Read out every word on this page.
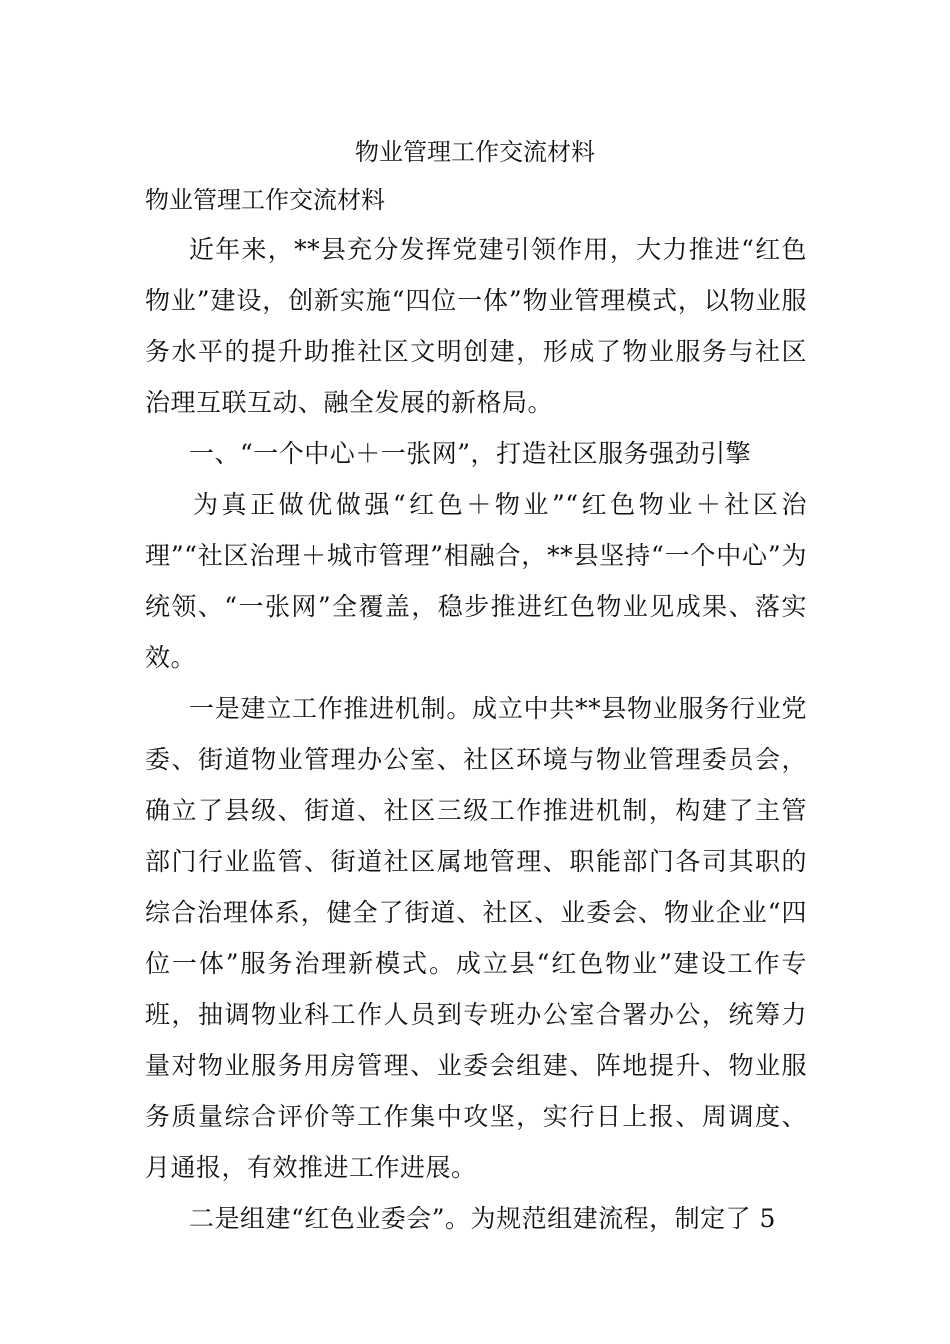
物业管理工作交流材料
物业管理工作交流材料

近年来，**县充分发挥党建引领作用，大力推进“红色物业”建设，创新实施“四位一体”物业管理模式，以物业服务水平的提升助推社区文明创建，形成了物业服务与社区治理互联互动、融全发展的新格局。

一、“一个中心＋一张网”，打造社区服务强劲引擎

为真正做优做强“红色＋物业”“红色物业＋社区治理”“社区治理＋城市管理”相融合，**县坚持“一个中心”为统领、“一张网”全覆盖，稳步推进红色物业见成果、落实效。

一是建立工作推进机制。成立中共**县物业服务行业党委、街道物业管理办公室、社区环境与物业管理委员会，确立了县级、街道、社区三级工作推进机制，构建了主管部门行业监管、街道社区属地管理、职能部门各司其职的综合治理体系，健全了街道、社区、业委会、物业企业“四位一体”服务治理新模式。成立县“红色物业”建设工作专班，抽调物业科工作人员到专班办公室合署办公，统筹力量对物业服务用房管理、业委会组建、阵地提升、物业服务质量综合评价等工作集中攻坚，实行日上报、周调度、月通报，有效推进工作进展。

二是组建“红色业委会”。为规范组建流程，制定了 5
